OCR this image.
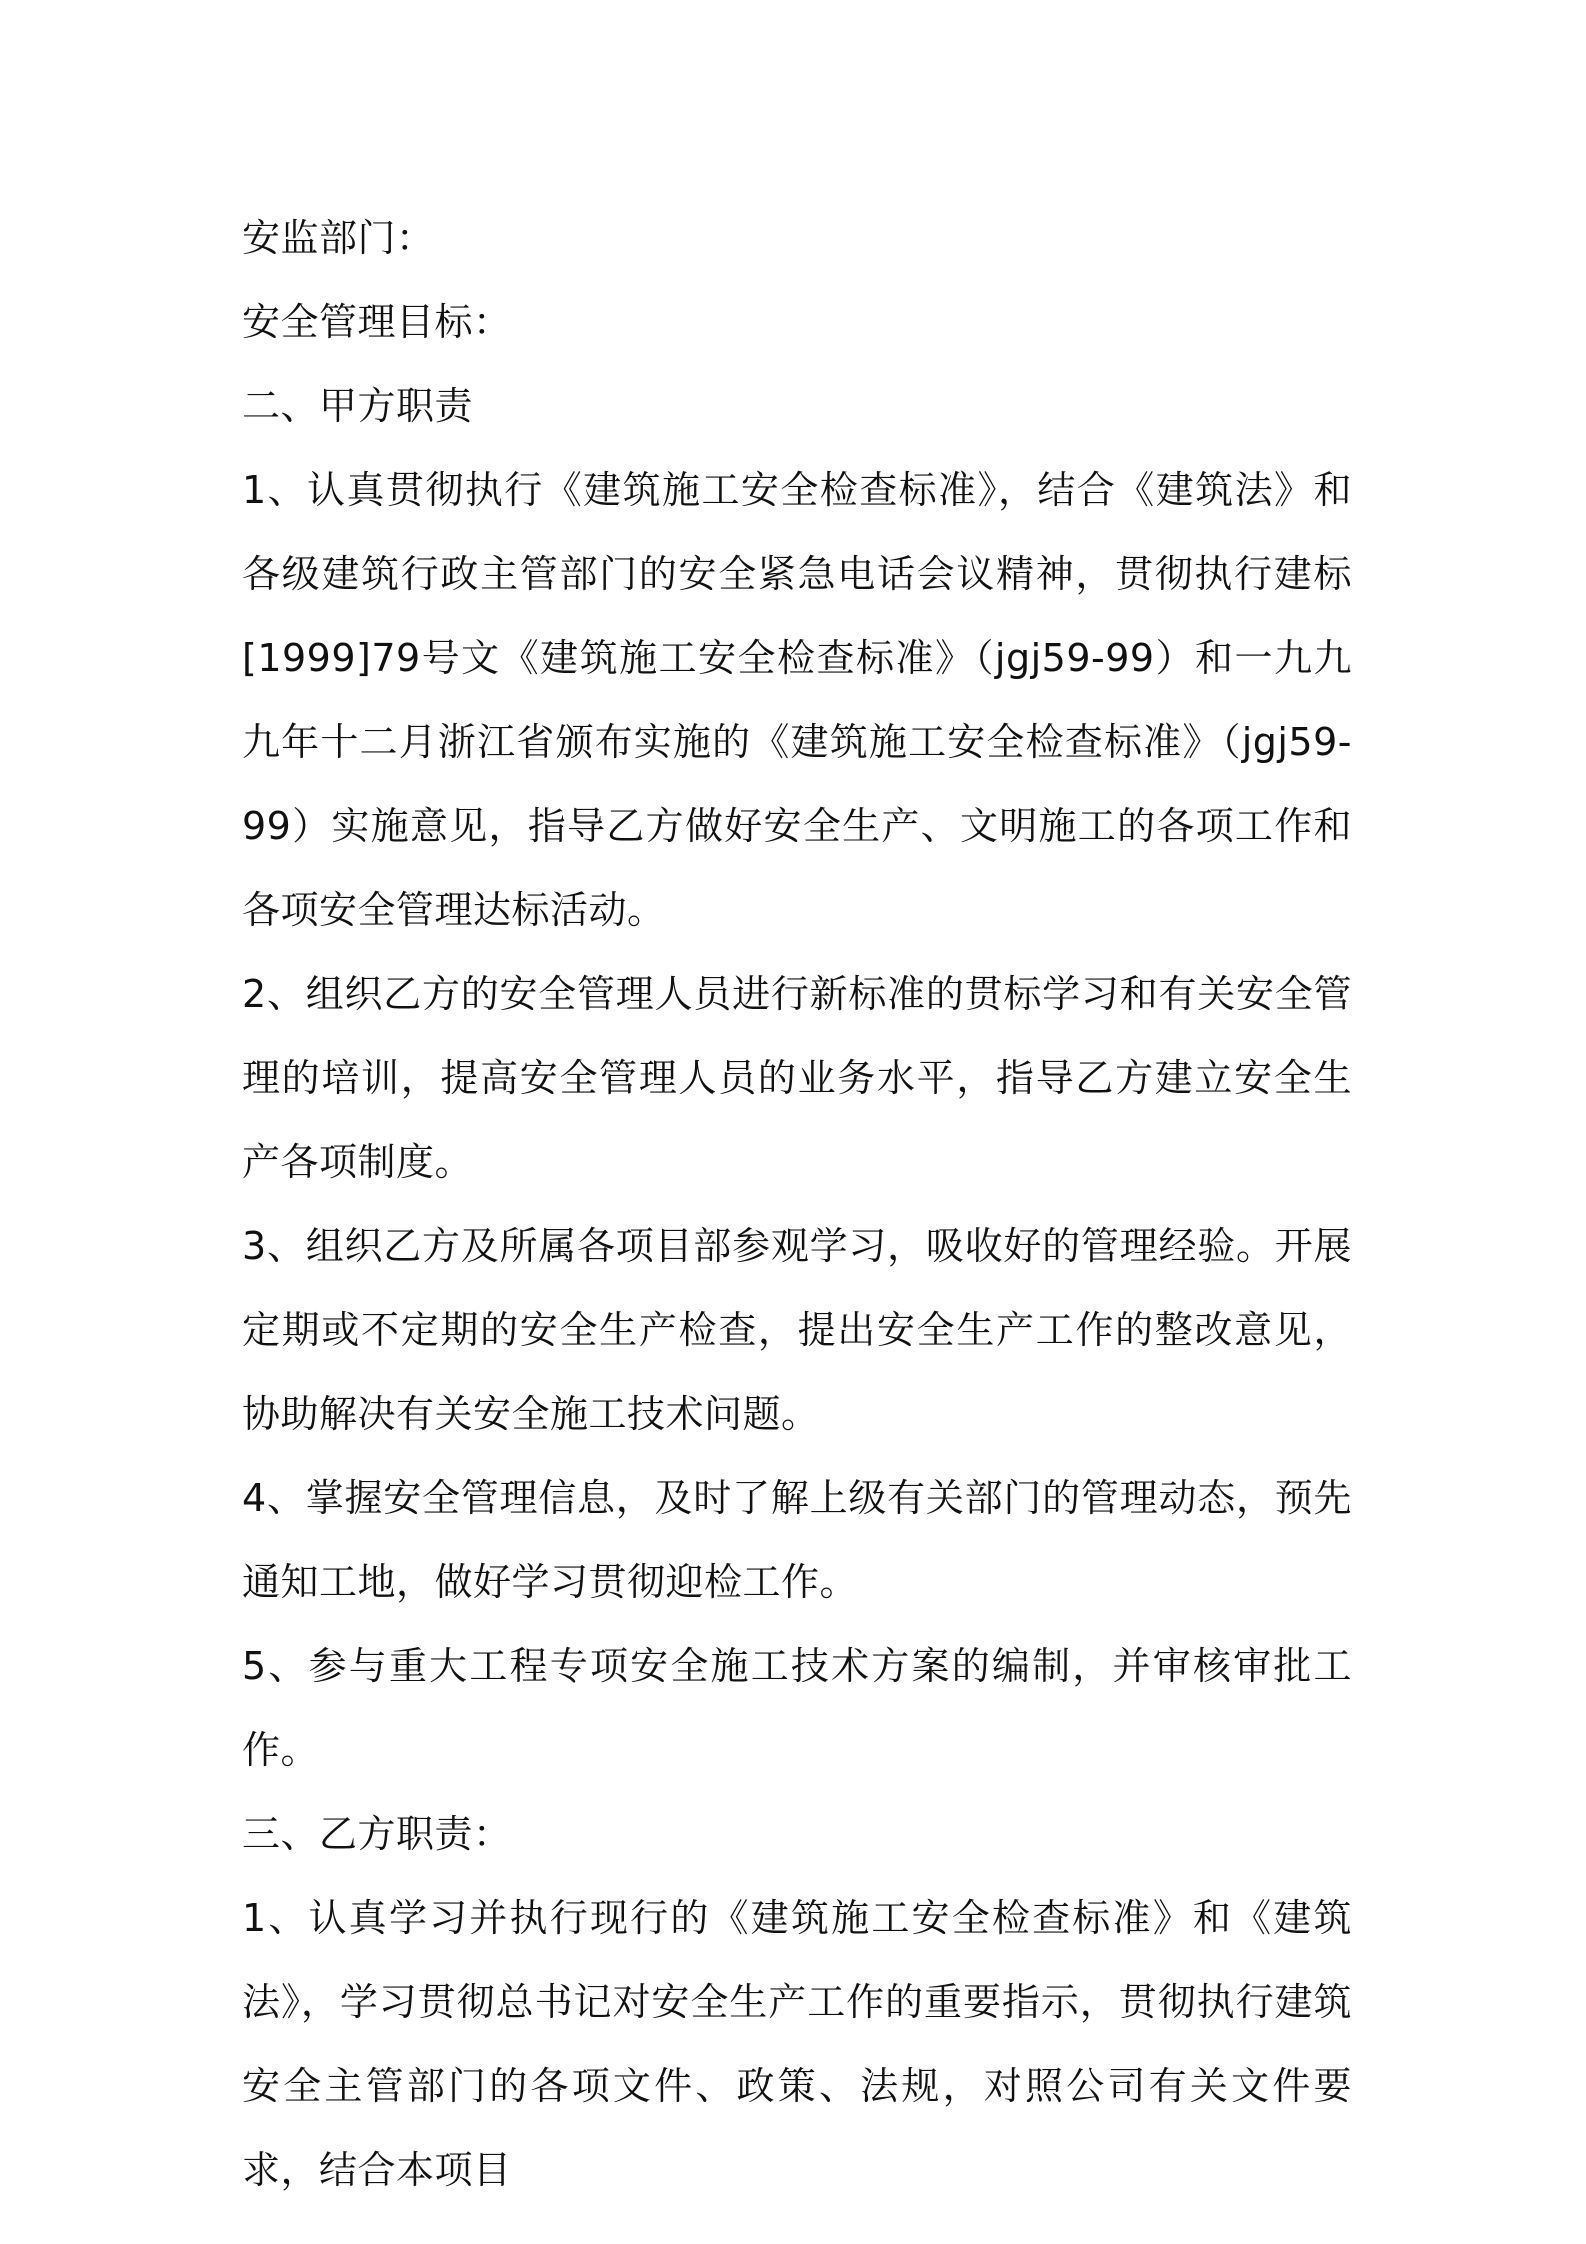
安监部门：

安全管理目标：

二、甲方职责

1、认真贯彻执行《建筑施工安全检查标准》，结合《建筑法》和各级建筑行政主管部门的安全紧急电话会议精神，贯彻执行建标[1999]79号文《建筑施工安全检查标准》（jgj59-99）和一九九九年十二月浙江省颁布实施的《建筑施工安全检查标准》（jgj59-99）实施意见，指导乙方做好安全生产、文明施工的各项工作和各项安全管理达标活动。

2、组织乙方的安全管理人员进行新标准的贯标学习和有关安全管理的培训，提高安全管理人员的业务水平，指导乙方建立安全生产各项制度。

3、组织乙方及所属各项目部参观学习，吸收好的管理经验。开展定期或不定期的安全生产检查，提出安全生产工作的整改意见，协助解决有关安全施工技术问题。

4、掌握安全管理信息，及时了解上级有关部门的管理动态，预先通知工地，做好学习贯彻迎检工作。

5、参与重大工程专项安全施工技术方案的编制，并审核审批工作。

三、乙方职责：

1、认真学习并执行现行的《建筑施工安全检查标准》和《建筑法》，学习贯彻总书记对安全生产工作的重要指示，贯彻执行建筑安全主管部门的各项文件、政策、法规，对照公司有关文件要求，结合本项目
